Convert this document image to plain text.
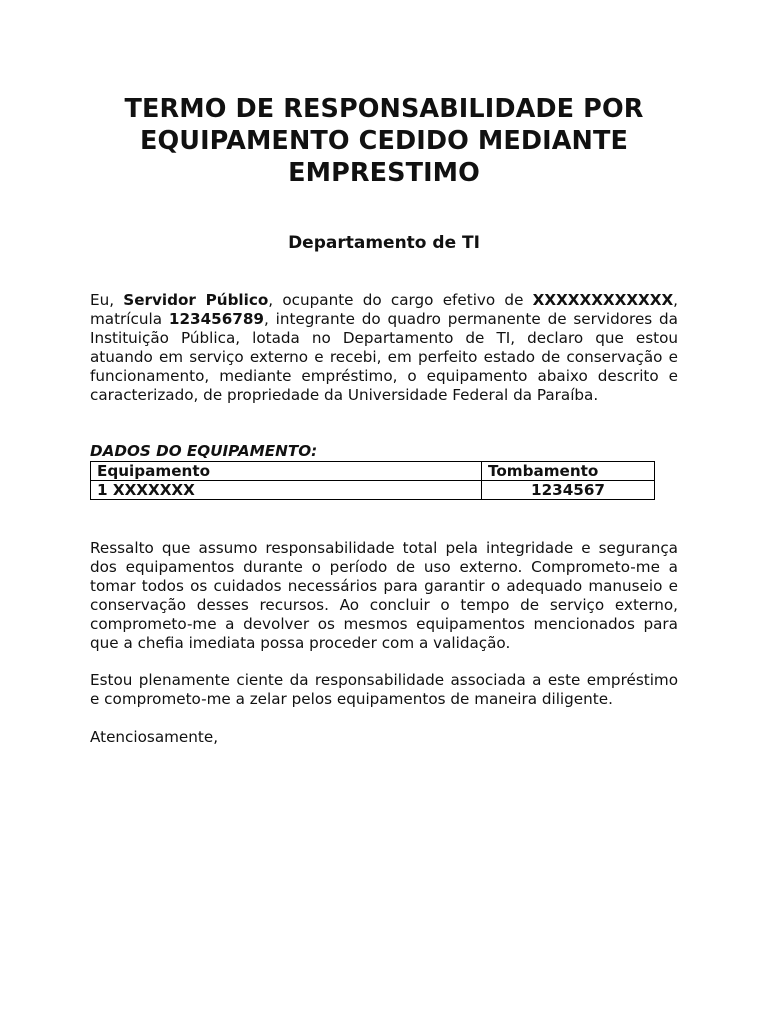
TERMO DE RESPONSABILIDADE POR EQUIPAMENTO CEDIDO MEDIANTE EMPRESTIMO
Departamento de TI

Eu, Servidor Público, ocupante do cargo efetivo de XXXXXXXXXXXX, matrícula 123456789, integrante do quadro permanente de servidores da Instituição Pública, lotada no Departamento de TI, declaro que estou atuando em serviço externo e recebi, em perfeito estado de conservação e funcionamento, mediante empréstimo, o equipamento abaixo descrito e caracterizado, de propriedade da Universidade Federal da Paraíba.

DADOS DO EQUIPAMENTO:

Equipamento	Tombamento
1 XXXXXXX	1234567

Ressalto que assumo responsabilidade total pela integridade e segurança dos equipamentos durante o período de uso externo. Comprometo-me a tomar todos os cuidados necessários para garantir o adequado manuseio e conservação desses recursos. Ao concluir o tempo de serviço externo, comprometo-me a devolver os mesmos equipamentos mencionados para que a chefia imediata possa proceder com a validação.

Estou plenamente ciente da responsabilidade associada a este empréstimo e comprometo-me a zelar pelos equipamentos de maneira diligente.

Atenciosamente,
